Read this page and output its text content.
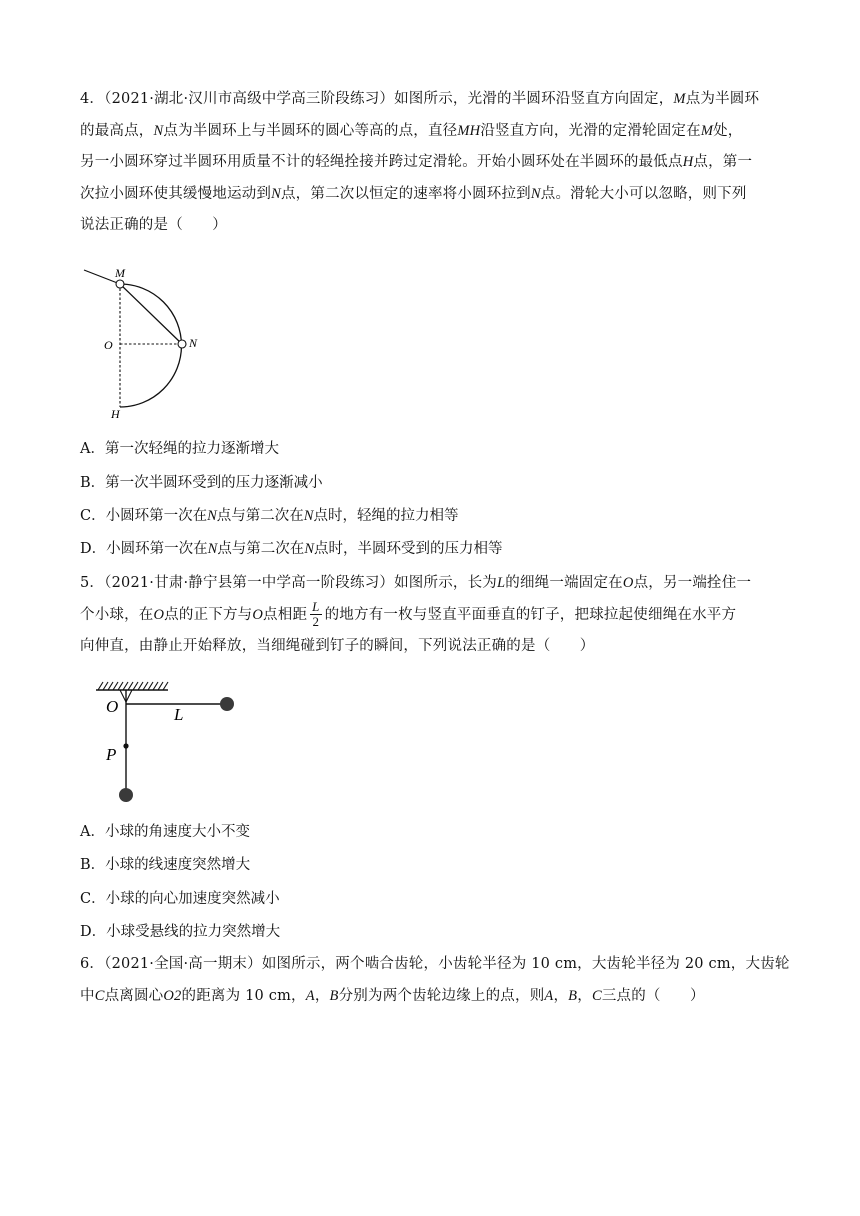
4．（2021·湖北·汉川市高级中学高三阶段练习）如图所示，光滑的半圆环沿竖直方向固定，M点为半圆环
的最高点，N点为半圆环上与半圆环的圆心等高的点，直径MH沿竖直方向，光滑的定滑轮固定在M处，
另一小圆环穿过半圆环用质量不计的轻绳拴接并跨过定滑轮。开始小圆环处在半圆环的最低点H点，第一
次拉小圆环使其缓慢地运动到N点，第二次以恒定的速率将小圆环拉到N点。滑轮大小可以忽略，则下列
说法正确的是（　　）
M
N
O
H
A．第一次轻绳的拉力逐渐增大
B．第一次半圆环受到的压力逐渐减小
C．小圆环第一次在N点与第二次在N点时，轻绳的拉力相等
D．小圆环第一次在N点与第二次在N点时，半圆环受到的压力相等
5．（2021·甘肃·静宁县第一中学高一阶段练习）如图所示，长为L的细绳一端固定在O点，另一端拴住一
个小球，在O点的正下方与O点相距 $\frac{L}{2}$ 的地方有一枚与竖直平面垂直的钉子，把球拉起使细绳在水平方
向伸直，由静止开始释放，当细绳碰到钉子的瞬间，下列说法正确的是（　　）
O	L
P
A．小球的角速度大小不变
B．小球的线速度突然增大
C．小球的向心加速度突然减小
D．小球受悬线的拉力突然增大
6．（2021·全国·高一期末）如图所示，两个啮合齿轮，小齿轮半径为 10 cm，大齿轮半径为 20 cm，大齿轮
中C点离圆心O2的距离为 10 cm，A，B分别为两个齿轮边缘上的点，则A，B，C三点的（　　）
